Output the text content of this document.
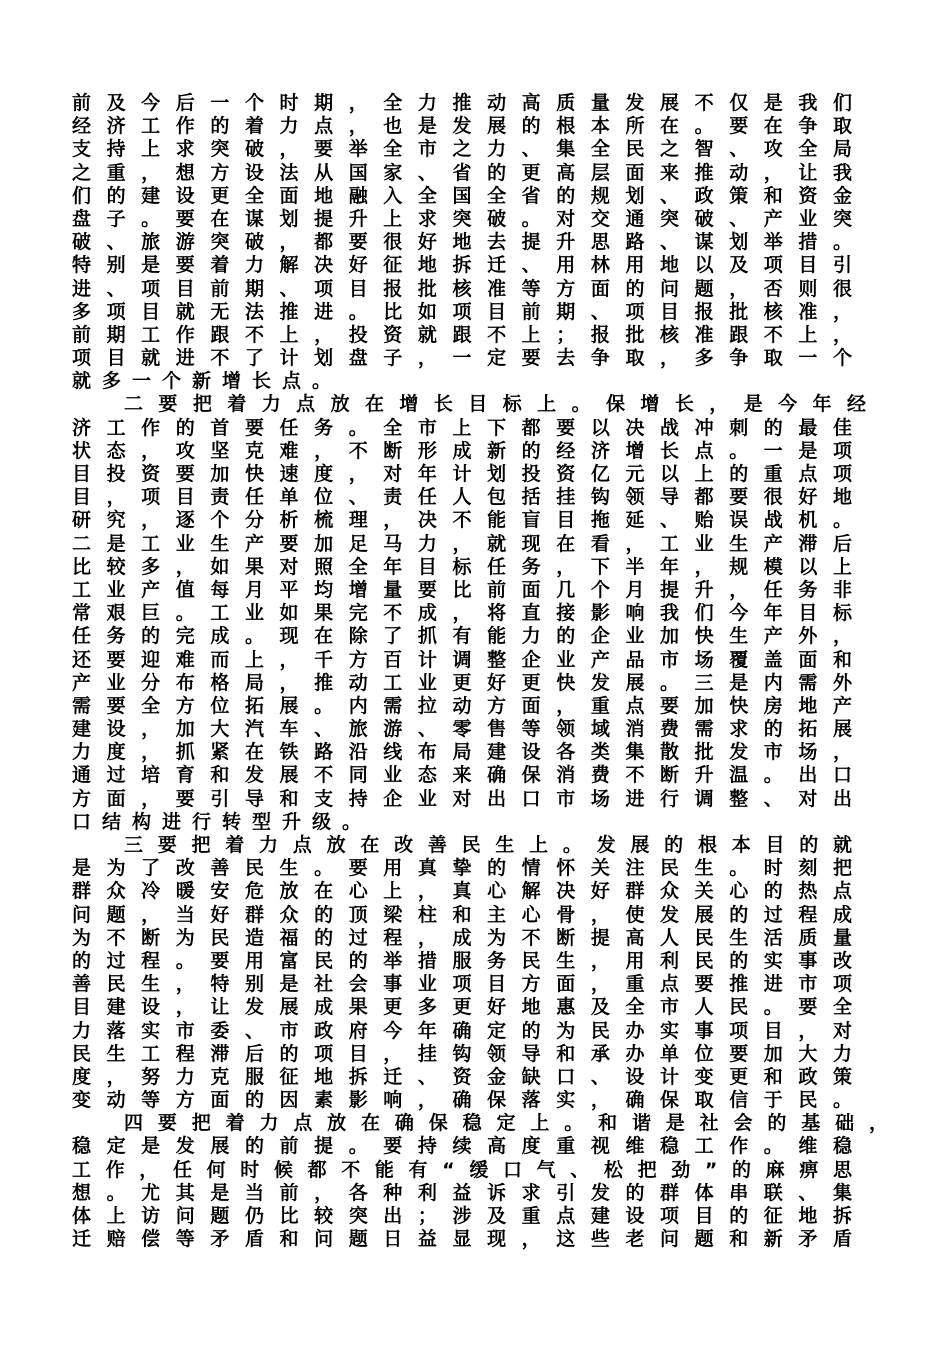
前及今后一个时期，全力推动高质量发展不仅是我们
经济工作的着力点，也是发展的根本所在。要在争取
支持上求突破，要举全市之力、集全民之智、攻全局
之重，想方设法从国家、省的更高层面来推动，让我
们的建设更全面地融入全国全省的规划、政策和资金
盘子。要在谋划提升上求突破。对交通突破、产业突
破、旅游突破，都要很好地去提升思路、谋划举措。
特别是要着力解决好征地拆迁、用林用地以及项目引
进、项目前期、项目报批核准等方面的问题，否则很
多项目就无法推进。比如项目前期、项目报批核准，
前期工作跟不上，投资就跟不上；报批核准跟不上，
项目就进不了计划盘子，一定要去争取，多争取一个
就多一个新增长点。
二要把着力点放在增长目标上。保增长，是今年经
济工作的首要任务。全市上下都要以决战冲刺的最佳
状态，攻坚克难，不断形成新的经济增长点。一是项
目投资要加快速度，对年计划投资亿元以上的重点项
目，项目责任单位、责任人包括挂钩领导都要很好地
研究，逐个分析梳理，决不能盲目拖延、贻误战机。
二是工业生产要加足马力，就现在看，工业生产滞后
比较多，如果对照全年目标任务，下半年，规模以上
工业产值每月平均增量要比前面几个月提升，任务非
常艰巨。工业如果完不成，将直接影响我们今年目标
任务的完成。现在除了抓有能力的企业加快生产外，
还要迎难而上，千方百计调整企业产品市场覆盖面和
产业分布格局，推动工业更好更快发展。三是内需外
需要全方位拓展。内需拉动方面，重点要加快房地产
建设，加大汽车、旅游、零售等领域消费需求的拓展
力度，抓紧在铁路沿线布局建设各类集散批发市场，
通过培育和发展不同业态来确保消费不断升温。出口
方面，要引导和支持企业对出口市场进行调整、对出
口结构进行转型升级。
三要把着力点放在改善民生上。发展的根本目的就
是为了改善民生。要用真挚的情怀关注民生。时刻把
群众冷暖安危放在心上，真心解决好群众关心的热点
问题，当好群众的顶梁柱和主心骨，使发展的过程成
为不断为民造福的过程，成为不断提高人民生活质量
的过程。要用富民的举措服务民生，用利民的实事改
善民生，特别是社会事业项目方面，重点要推进市项
目建设，让发展成果更多更好地惠及全市人民。要全
力落实市委、市政府今年确定的为民办实事项目，对
民生工程滞后的项目，挂钩领导和承办单位要加大力
度，努力克服征地拆迁、资金缺口、设计变更和政策
变动等方面的因素影响，确保落实，确保取信于民。
四要把着力点放在确保稳定上。和谐是社会的基础，
稳定是发展的前提。要持续高度重视维稳工作。维稳
工作，任何时候都不能有“缓口气、松把劲”的麻痹思
想。尤其是当前，各种利益诉求引发的群体串联、集
体上访问题仍比较突出；涉及重点建设项目的征地拆
迁赔偿等矛盾和问题日益显现，这些老问题和新矛盾
